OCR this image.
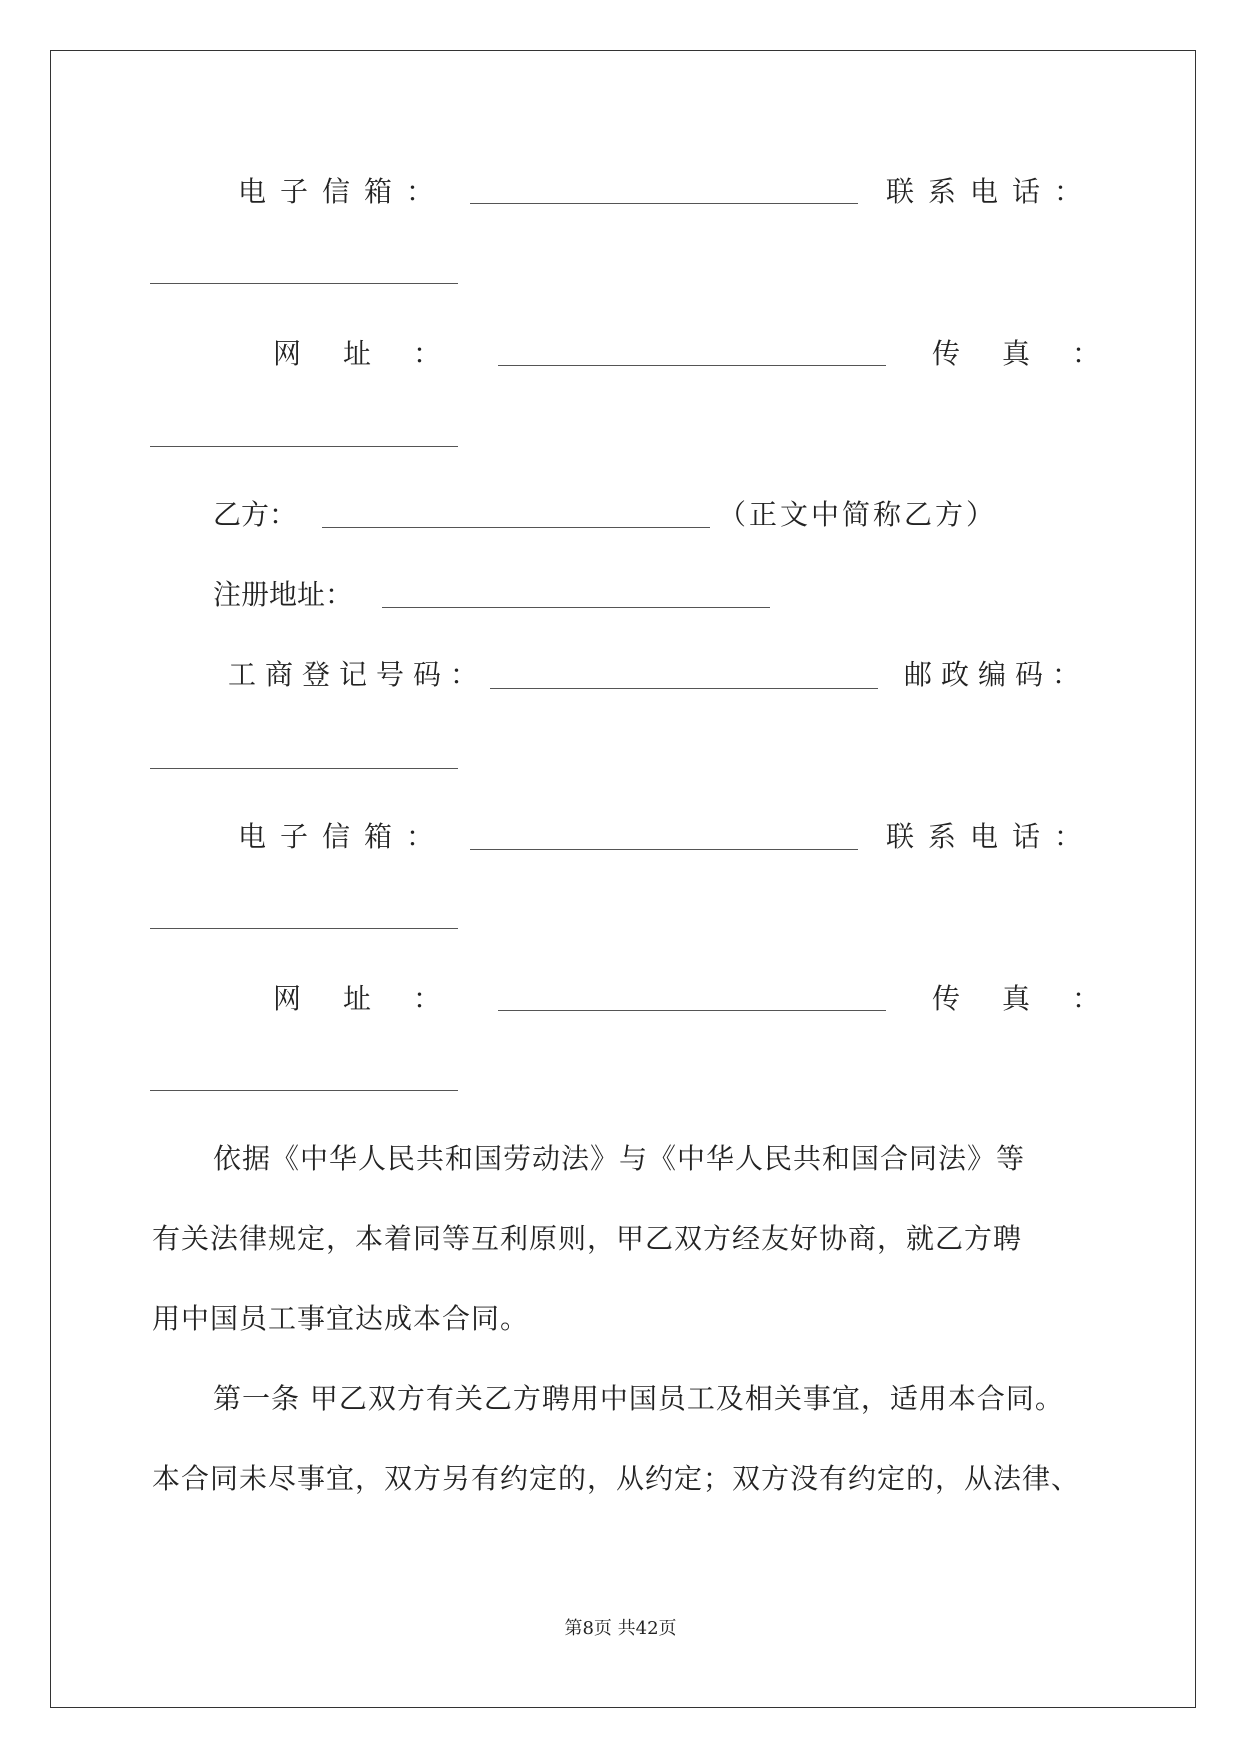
电子信箱：	联系电话：
网址：	传真：
乙方：	（正文中简称乙方）
注册地址：
工商登记号码：	邮政编码：
电子信箱：	联系电话：
网址：	传真：
依据《中华人民共和国劳动法》与《中华人民共和国合同法》等
有关法律规定，本着同等互利原则，甲乙双方经友好协商，就乙方聘
用中国员工事宜达成本合同。
第一条 甲乙双方有关乙方聘用中国员工及相关事宜，适用本合同。
本合同未尽事宜，双方另有约定的，从约定；双方没有约定的，从法律、
第8页 共42页
